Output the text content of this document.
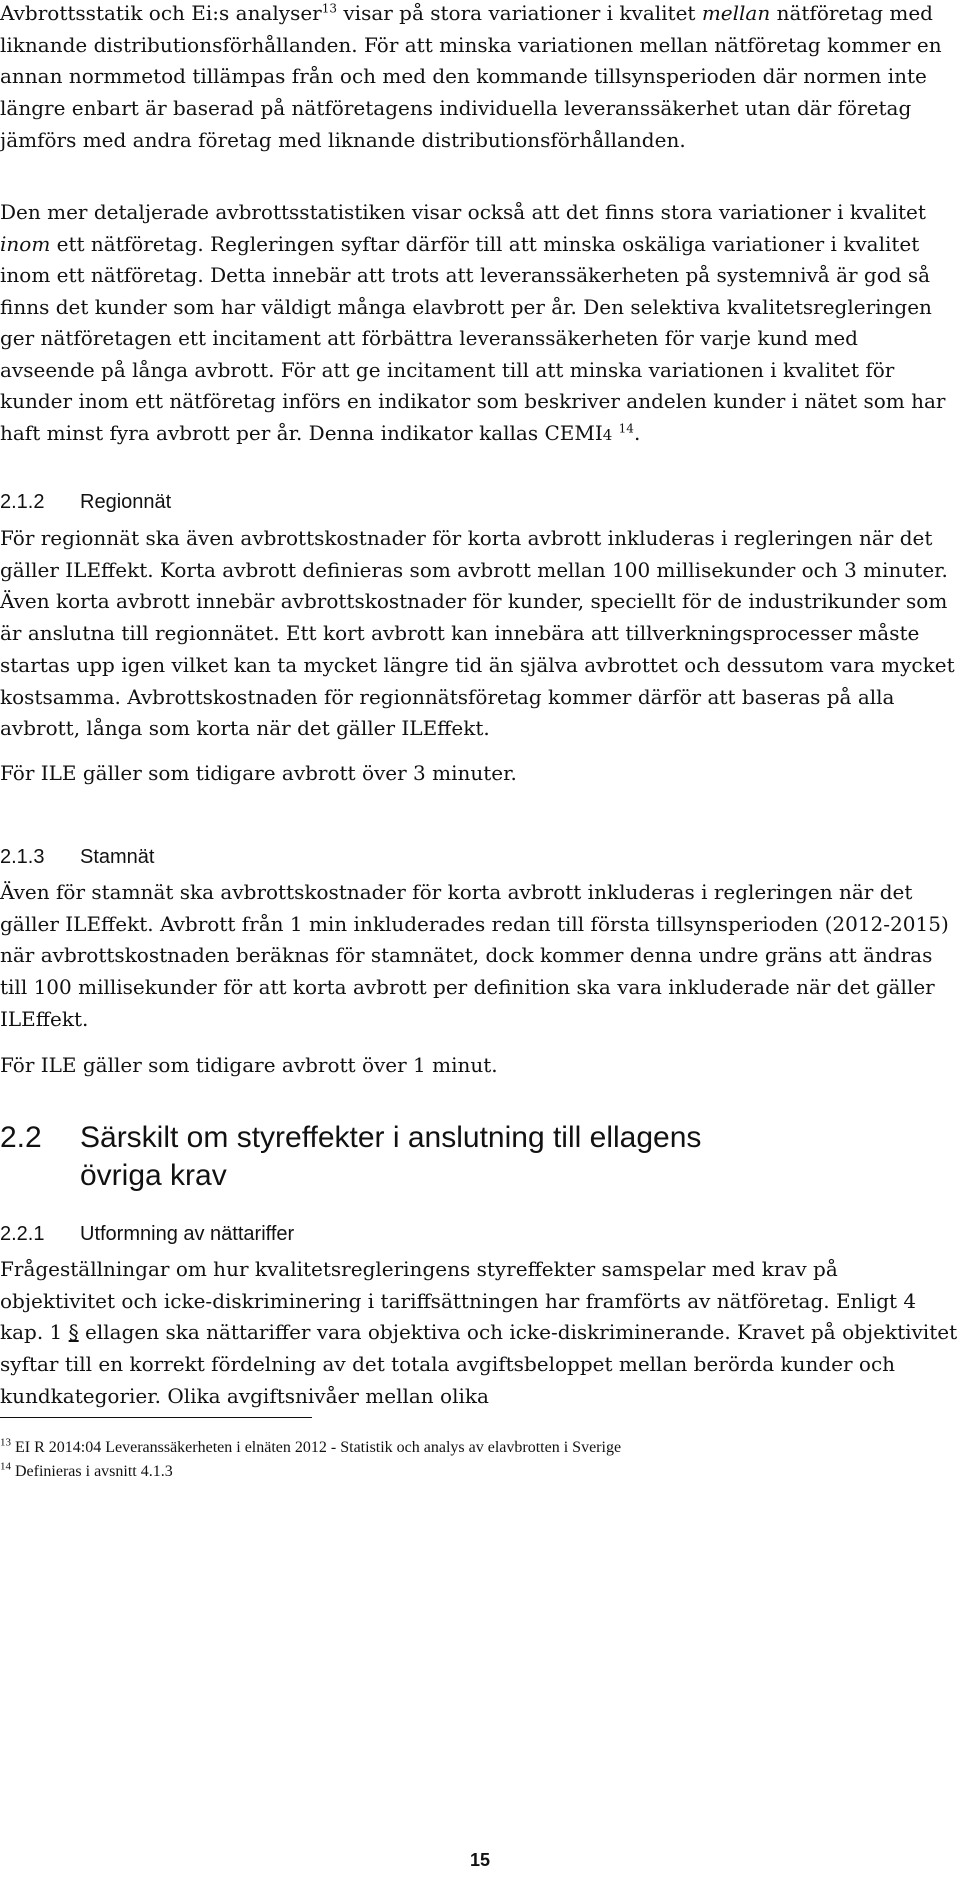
Avbrottsstatik och Ei:s analyser$^{13}$ visar på stora variationer i kvalitet mellan nätföretag med liknande distributionsförhållanden. För att minska variationen mellan nätföretag kommer en annan normmetod tillämpas från och med den kommande tillsynsperioden där normen inte längre enbart är baserad på nätföretagens individuella leveranssäkerhet utan där företag jämförs med andra företag med liknande distributionsförhållanden.

Den mer detaljerade avbrottsstatistiken visar också att det finns stora variationer i kvalitet inom ett nätföretag. Regleringen syftar därför till att minska oskäliga variationer i kvalitet inom ett nätföretag. Detta innebär att trots att leveranssäkerheten på systemnivå är god så finns det kunder som har väldigt många elavbrott per år. Den selektiva kvalitetsregleringen ger nätföretagen ett incitament att förbättra leveranssäkerheten för varje kund med avseende på långa avbrott. För att ge incitament till att minska variationen i kvalitet för kunder inom ett nätföretag införs en indikator som beskriver andelen kunder i nätet som har haft minst fyra avbrott per år. Denna indikator kallas CEMI4 $^{14}$.

2.1.2 Regionnät

För regionnät ska även avbrottskostnader för korta avbrott inkluderas i regleringen när det gäller ILEffekt. Korta avbrott definieras som avbrott mellan 100 millisekunder och 3 minuter. Även korta avbrott innebär avbrottskostnader för kunder, speciellt för de industrikunder som är anslutna till regionnätet. Ett kort avbrott kan innebära att tillverkningsprocesser måste startas upp igen vilket kan ta mycket längre tid än själva avbrottet och dessutom vara mycket kostsamma. Avbrottskostnaden för regionnätsföretag kommer därför att baseras på alla avbrott, långa som korta när det gäller ILEffekt.

För ILE gäller som tidigare avbrott över 3 minuter.

2.1.3 Stamnät

Även för stamnät ska avbrottskostnader för korta avbrott inkluderas i regleringen när det gäller ILEffekt. Avbrott från 1 min inkluderades redan till första tillsynsperioden (2012-2015) när avbrottskostnaden beräknas för stamnätet, dock kommer denna undre gräns att ändras till 100 millisekunder för att korta avbrott per definition ska vara inkluderade när det gäller ILEffekt.

För ILE gäller som tidigare avbrott över 1 minut.

2.2 Särskilt om styreffekter i anslutning till ellagens
övriga krav
2.2.1 Utformning av nättariffer

Frågeställningar om hur kvalitetsregleringens styreffekter samspelar med krav på objektivitet och icke-diskriminering i tariffsättningen har framförts av nätföretag. Enligt 4 kap. 1 § ellagen ska nättariffer vara objektiva och icke-diskriminerande. Kravet på objektivitet syftar till en korrekt fördelning av det totala avgiftsbeloppet mellan berörda kunder och kundkategorier. Olika avgiftsnivåer mellan olika

$^{13}$ EI R 2014:04 Leveranssäkerheten i elnäten 2012 - Statistik och analys av elavbrotten i Sverige
$^{14}$ Definieras i avsnitt 4.1.3
15
